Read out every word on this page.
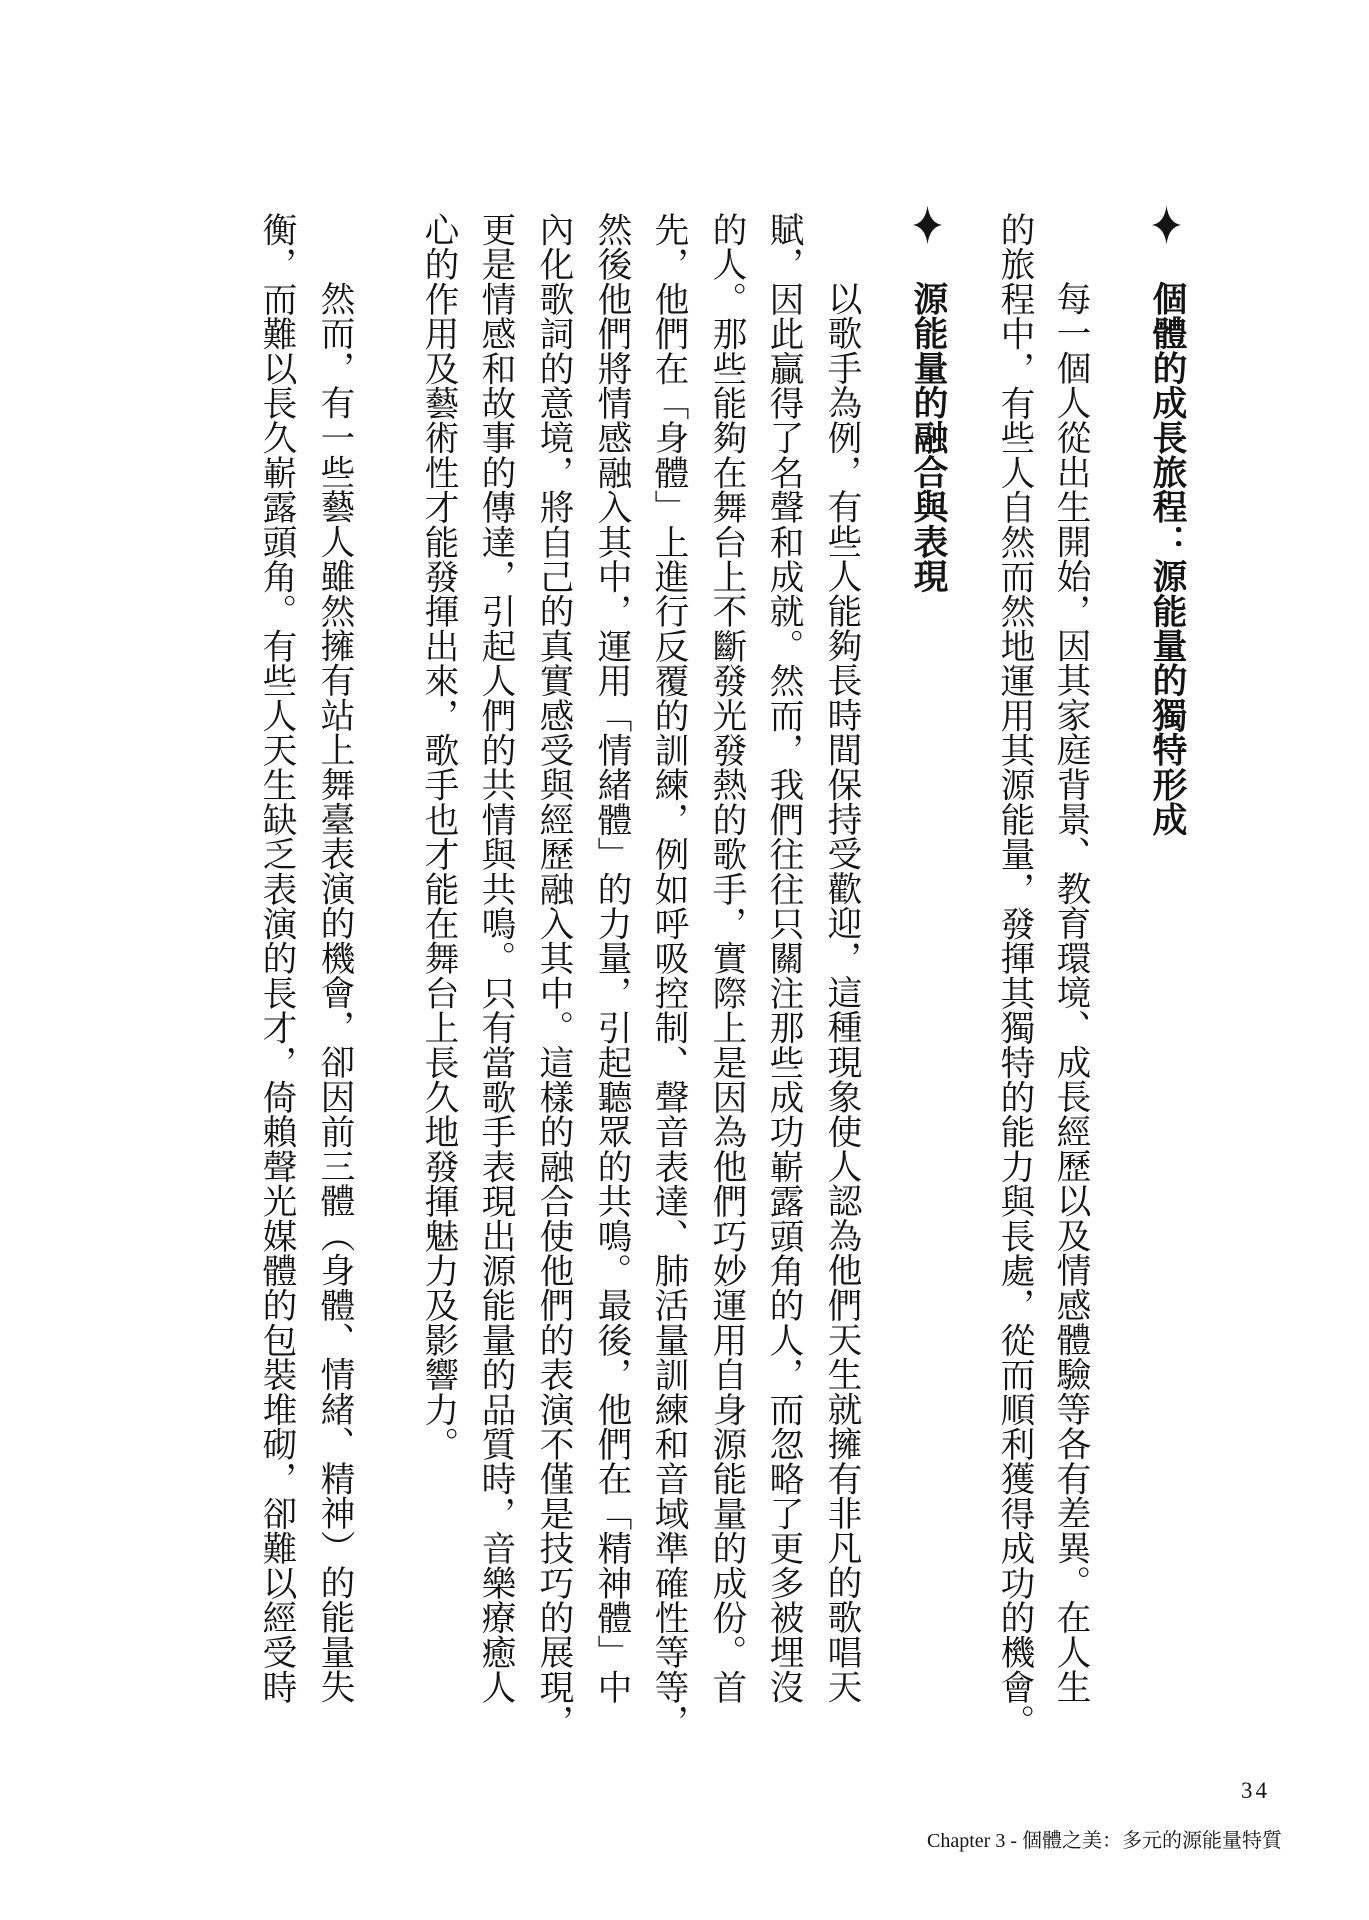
個體的成長旅程：源能量的獨特形成
每一個人從出生開始，因其家庭背景、教育環境、成長經歷以及情感體驗等各有差異。在人生
的旅程中，有些人自然而然地運用其源能量，發揮其獨特的能力與長處，從而順利獲得成功的機會。
源能量的融合與表現
以歌手為例，有些人能夠長時間保持受歡迎，這種現象使人認為他們天生就擁有非凡的歌唱天
賦，因此贏得了名聲和成就。然而，我們往往只關注那些成功嶄露頭角的人，而忽略了更多被埋沒
的人。那些能夠在舞台上不斷發光發熱的歌手，實際上是因為他們巧妙運用自身源能量的成份。首
先，他們在「身體」上進行反覆的訓練，例如呼吸控制、聲音表達、肺活量訓練和音域準確性等等，
然後他們將情感融入其中，運用「情緒體」的力量，引起聽眾的共鳴。最後，他們在「精神體」中
內化歌詞的意境，將自己的真實感受與經歷融入其中。這樣的融合使他們的表演不僅是技巧的展現，
更是情感和故事的傳達，引起人們的共情與共鳴。只有當歌手表現出源能量的品質時，音樂療癒人
心的作用及藝術性才能發揮出來，歌手也才能在舞台上長久地發揮魅力及影響力。
然而，有一些藝人雖然擁有站上舞臺表演的機會，卻因前三體（身體、情緒、精神）的能量失
衡，而難以長久嶄露頭角。有些人天生缺乏表演的長才，倚賴聲光媒體的包裝堆砌，卻難以經受時
34
Chapter 3 - 個體之美：多元的源能量特質
